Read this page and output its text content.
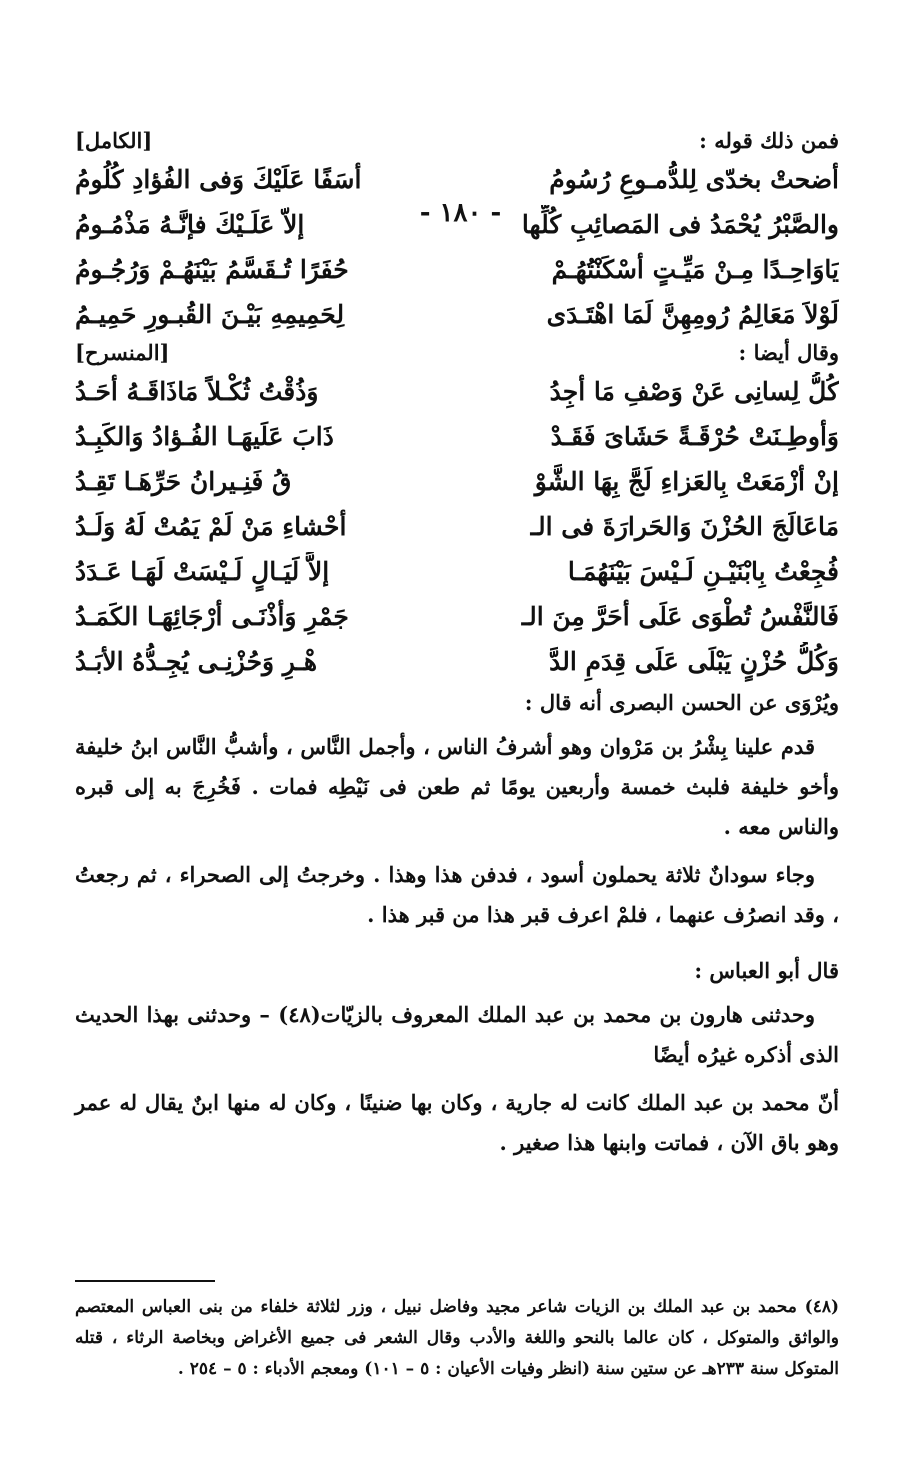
- ١٨٠ -
فمن ذلك قوله :
[الكامل]
أضحتْ بخدّى لِلدُّمـوعِ رُسُومُ
أسَفًا عَلَيْكَ وَفى الفُؤادِ كُلُومُ
والصَّبْرُ يُحْمَدُ فى المَصائِبِ كُلِّها
إلاّ عَلَـيْكَ فإنَّـهُ مَذْمُـومُ
يَاوَاحِـدًا مِـنْ مَيِّـتٍ أسْكَنْتُهُـمْ
حُفَرًا تُـقَسَّمُ بَيْنَهُـمْ وَرُجُـومُ
لَوْلاَ مَعَالِمُ رُومِهِنَّ لَمَا اهْتَـدَى
لِحَمِيمِهِ بَيْـنَ القُبـورِ حَمِيـمُ
وقال أيضا :
[المنسرح]
كُلُّ لِسانِى عَنْ وَصْفِ مَا أجِدُ
وَذُقْتُ ثُكْـلاً مَاذَاقَـهُ أحَـدُ
وَأوطِـنَتْ حُرْقَـةً حَشَاىَ فَقَـدْ
ذَابَ عَلَيهَـا الفُـؤادُ وَالكَبِـدُ
إنْ أزْمَعَتْ بِالعَزاءِ لَجَّ بِهَا الشَّوْ
قُ فَنِـيرانُ حَرِّهَـا تَقِـدُ
مَاعَالَجَ الحُزْنَ وَالحَرارَةَ فى الـ
أحْشاءِ مَنْ لَمْ يَمُتْ لَهُ وَلَـدُ
فُجِعْتُ بِابْنَيْـنِ لَـيْسَ بَيْنَهُمَـا
إلاَّ لَيَـالٍ لَـيْسَتْ لَهَـا عَـدَدُ
فَالنَّفْسُ تُطْوَى عَلَى أحَرَّ مِنَ الـ
جَمْرِ وَأذْنَـى أرْجَائِهَـا الكَمَـدُ
وَكُلُّ حُزْنٍ يَبْلَى عَلَى قِدَمِ الدَّ
هْـرِ وَحُزْنِـى يُجِـدُّهُ الأبَـدُ
ويُرْوَى عن الحسن البصرى أنه قال :

قدم علينا بِشْرُ بن مَرْوان وهو أشرفُ الناس ، وأجمل النَّاس ، وأشبُّ النَّاس ابنُ خليفة وأخو خليفة فلبث خمسة وأربعين يومًا ثم طعن فى نَيْطِه فمات . فَخُرِجَ به إلى قبره والناس معه .

وجاء سودانٌ ثلاثة يحملون أسود ، فدفن هذا وهذا . وخرجتُ إلى الصحراء ، ثم رجعتُ ، وقد انصرُف عنهما ، فلمْ اعرف قبر هذا من قبر هذا .

قال أبو العباس :

وحدثنى هارون بن محمد بن عبد الملك المعروف بالزيّات(٤٨) – وحدثنى بهذا الحديث الذى أذكره غيرُه أيضًا

أنّ محمد بن عبد الملك كانت له جارية ، وكان بها ضنينًا ، وكان له منها ابنٌ يقال له عمر وهو باق الآن ، فماتت وابنها هذا صغير .

(٤٨) محمد بن عبد الملك بن الزيات شاعر مجيد وفاضل نبيل ، وزر لثلاثة خلفاء من بنى العباس المعتصم والواثق والمتوكل ، كان عالما بالنحو واللغة والأدب وقال الشعر فى جميع الأغراض وبخاصة الرثاء ، قتله المتوكل سنة ٢٣٣هـ عن ستين سنة (انظر وفيات الأعيان : ٥ – ١٠١) ومعجم الأدباء : ٥ – ٢٥٤ .
